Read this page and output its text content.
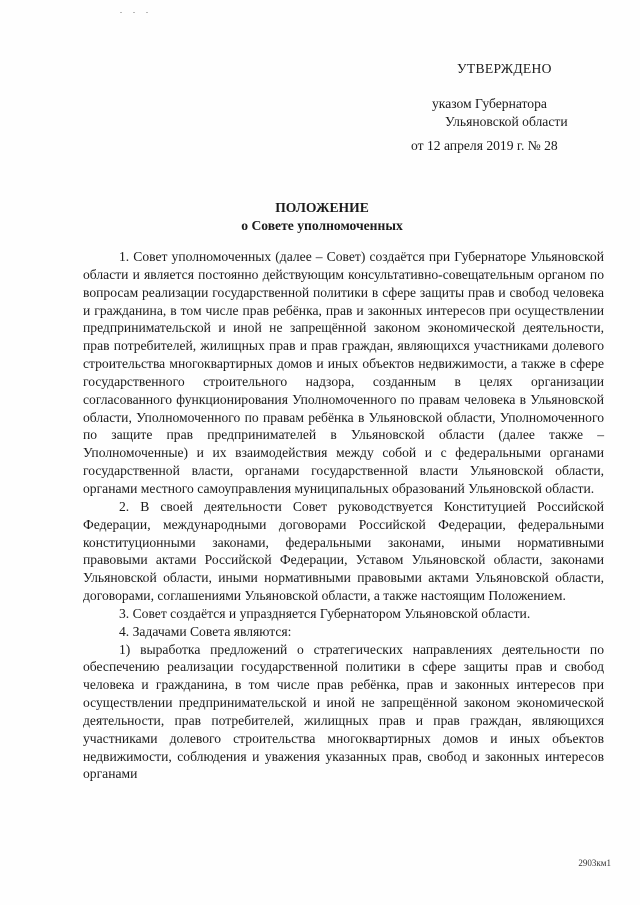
УТВЕРЖДЕНО
указом Губернатора
Ульяновской области
от 12 апреля 2019 г. № 28
ПОЛОЖЕНИЕ
о Совете уполномоченных

1. Совет уполномоченных (далее – Совет) создаётся при Губернаторе Ульяновской области и является постоянно действующим консультативно-совещательным органом по вопросам реализации государственной политики в сфере защиты прав и свобод человека и гражданина, в том числе прав ребёнка, прав и законных интересов при осуществлении предпринимательской и иной не запрещённой законом экономической деятельности, прав потребителей, жилищных прав и прав граждан, являющихся участниками долевого строительства многоквартирных домов и иных объектов недвижимости, а также в сфере государственного строительного надзора, созданным в целях организации согласованного функционирования Уполномоченного по правам человека в Ульяновской области, Уполномоченного по правам ребёнка в Ульяновской области, Уполномоченного по защите прав предпринимателей в Ульяновской области (далее также – Уполномоченные) и их взаимодействия между собой и с федеральными органами государственной власти, органами государственной власти Ульяновской области, органами местного самоуправления муниципальных образований Ульяновской области.

2. В своей деятельности Совет руководствуется Конституцией Российской Федерации, международными договорами Российской Федерации, федеральными конституционными законами, федеральными законами, иными нормативными правовыми актами Российской Федерации, Уставом Ульяновской области, законами Ульяновской области, иными нормативными правовыми актами Ульяновской области, договорами, соглашениями Ульяновской области, а также настоящим Положением.

3. Совет создаётся и упраздняется Губернатором Ульяновской области.

4. Задачами Совета являются:

1) выработка предложений о стратегических направлениях деятельности по обеспечению реализации государственной политики в сфере защиты прав и свобод человека и гражданина, в том числе прав ребёнка, прав и законных интересов при осуществлении предпринимательской и иной не запрещённой законом экономической деятельности, прав потребителей, жилищных прав и прав граждан, являющихся участниками долевого строительства многоквартирных домов и иных объектов недвижимости, соблюдения и уважения указанных прав, свобод и законных интересов органами

2903км1
